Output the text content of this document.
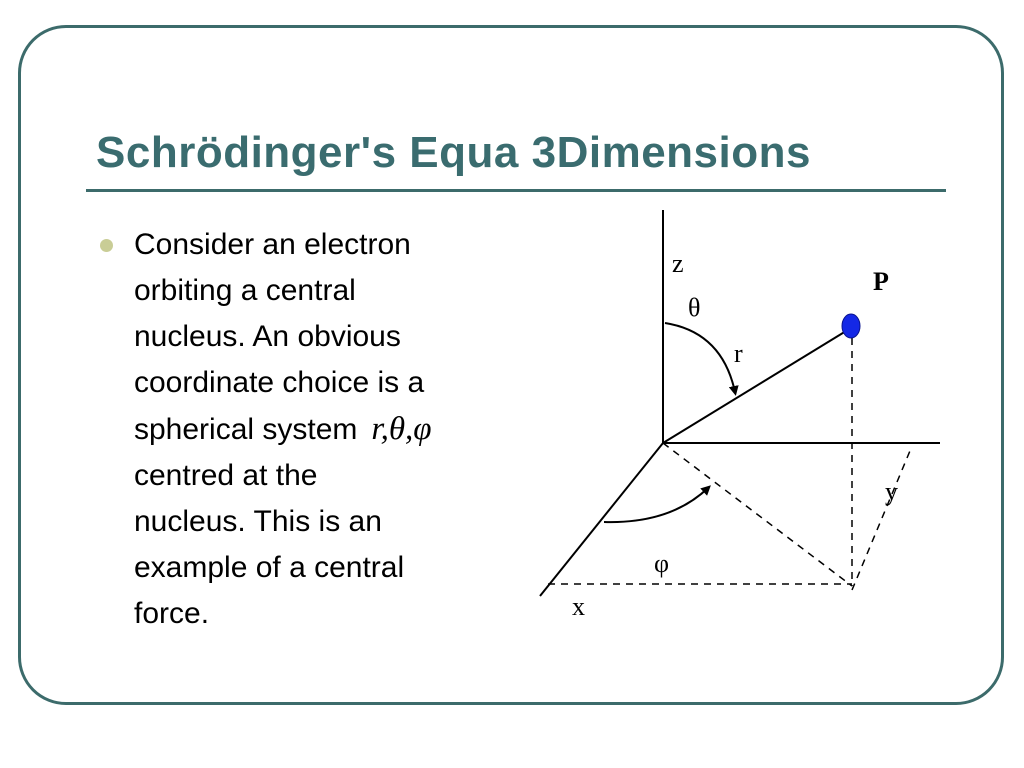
Schrödinger's Equa 3Dimensions
Consider an electron
orbiting a central
nucleus. An obvious
coordinate choice is a
spherical system r,θ,φ
centred at the
nucleus. This is an
example of a central
force.
z
θ
P
r
y
φ
x
